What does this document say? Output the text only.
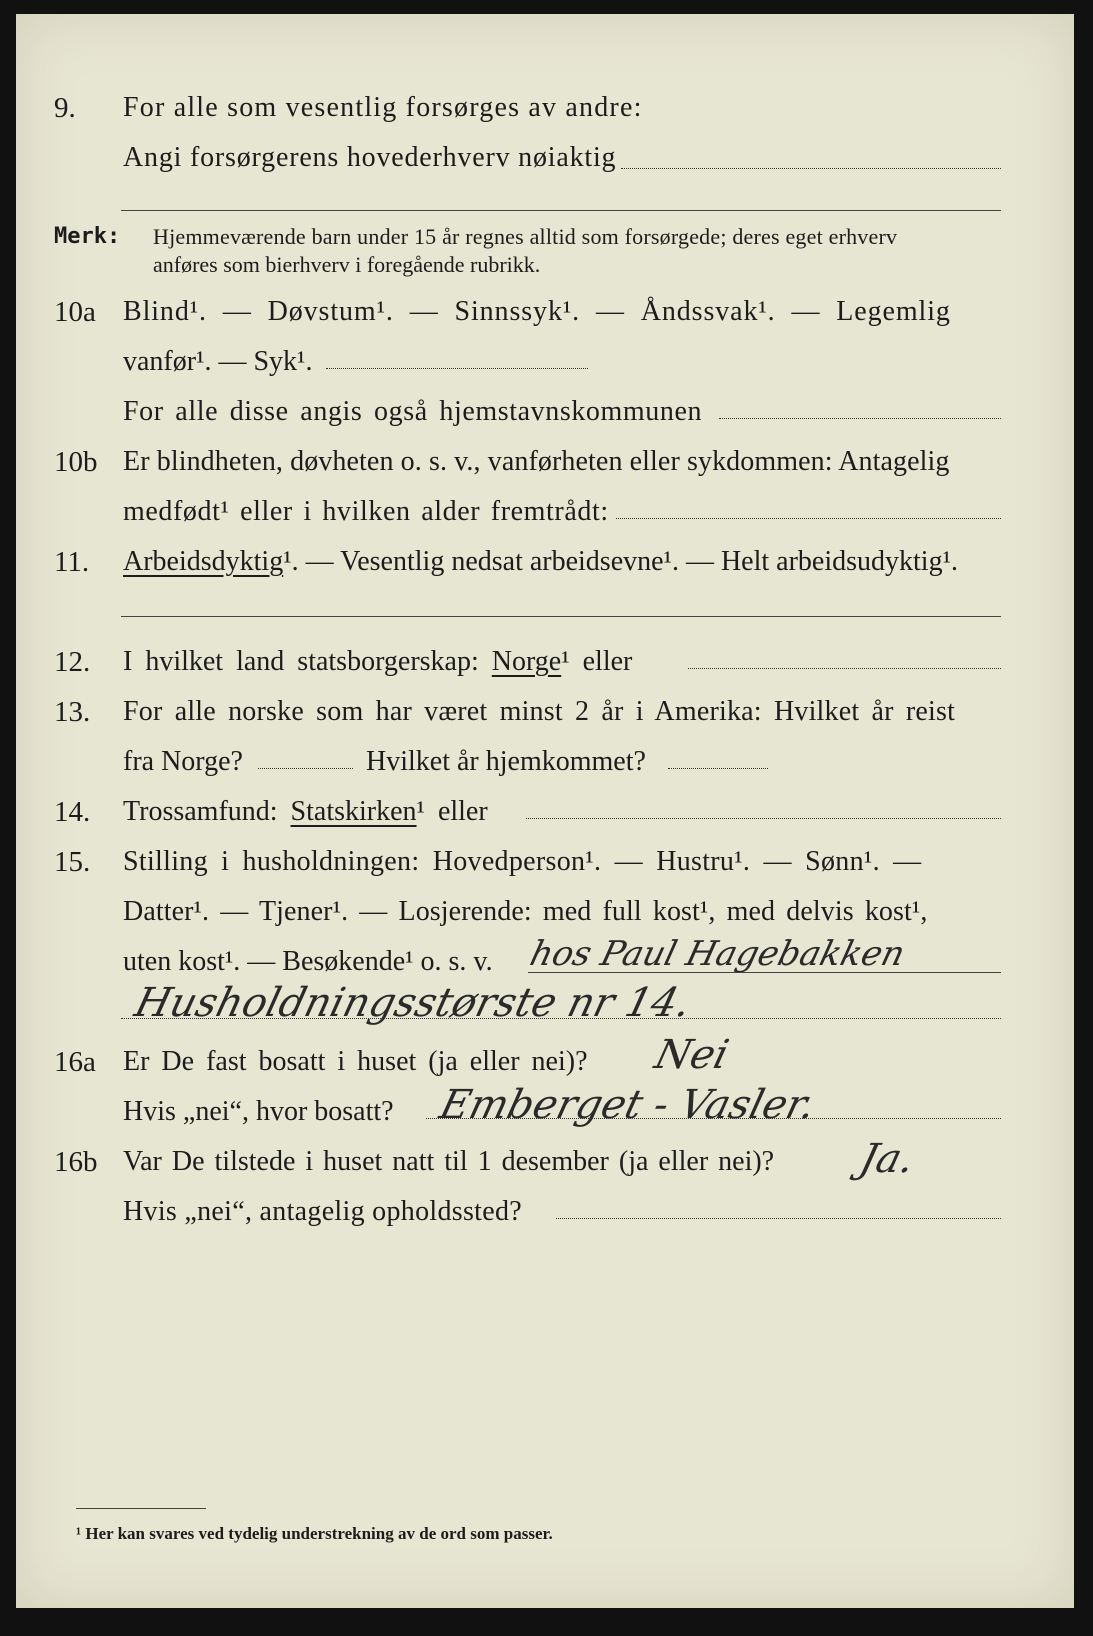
9. For alle som vesentlig forsørges av andre:
Angi forsørgerens hovederhverv nøiaktig
Merk: Hjemmeværende barn under 15 år regnes alltid som forsørgede; deres eget erhverv
anføres som bierhverv i foregående rubrikk.
10a Blind¹. — Døvstum¹. — Sinnssyk¹. — Åndssvak¹. — Legemlig
vanfør¹. — Syk¹.
For alle disse angis også hjemstavnskommunen
10b Er blindheten, døvheten o. s. v., vanførheten eller sykdommen: Antagelig
medfødt¹ eller i hvilken alder fremtrådt:
11. Arbeidsdyktig¹. — Vesentlig nedsat arbeidsevne¹. — Helt arbeidsudyktig¹.
12. I hvilket land statsborgerskap: Norge¹ eller
13. For alle norske som har været minst 2 år i Amerika: Hvilket år reist
fra Norge?	Hvilket år hjemkommet?
14. Trossamfund: Statskirken¹ eller
15. Stilling i husholdningen: Hovedperson¹. — Hustru¹. — Sønn¹. —
Datter¹. — Tjener¹. — Losjerende: med full kost¹, med delvis kost¹,
uten kost¹. — Besøkende¹ o. s. v. hos Paul Hagebakken
Husholdningsstørste nr 14.
16a Er De fast bosatt i huset (ja eller nei)? Nei
Hvis „nei“, hvor bosatt? Emberget - Vasler.
16b Var De tilstede i huset natt til 1 desember (ja eller nei)? Ja.
Hvis „nei“, antagelig opholdssted?
¹ Her kan svares ved tydelig understrekning av de ord som passer.
